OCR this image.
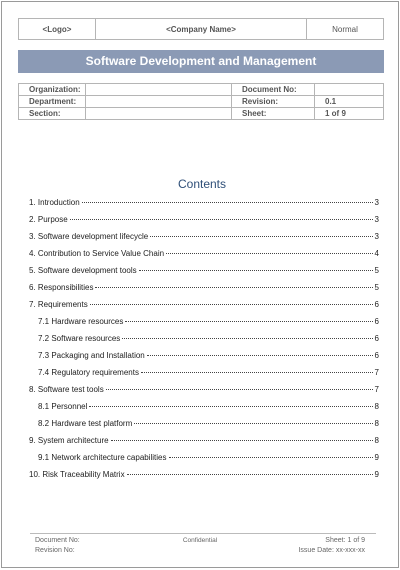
<Logo>	<Company Name>	Normal
Software Development and Management
Organization:		Document No:	
Department:		Revision:	0.1
Section:		Sheet:	1 of 9
Contents
1. Introduction	3
2. Purpose	3
3. Software development lifecycle	3
4. Contribution to Service Value Chain	4
5. Software development tools	5
6. Responsibilities	5
7. Requirements	6
7.1 Hardware resources	6
7.2 Software resources	6
7.3 Packaging and Installation	6
7.4 Regulatory requirements	7
8. Software test tools	7
8.1 Personnel	8
8.2 Hardware test platform	8
9. System architecture	8
9.1 Network architecture capabilities	9
10. Risk Traceability Matrix	9
Document No:
Revision No:
Confidential	Sheet: 1 of 9
Issue Date: xx-xxx-xx
